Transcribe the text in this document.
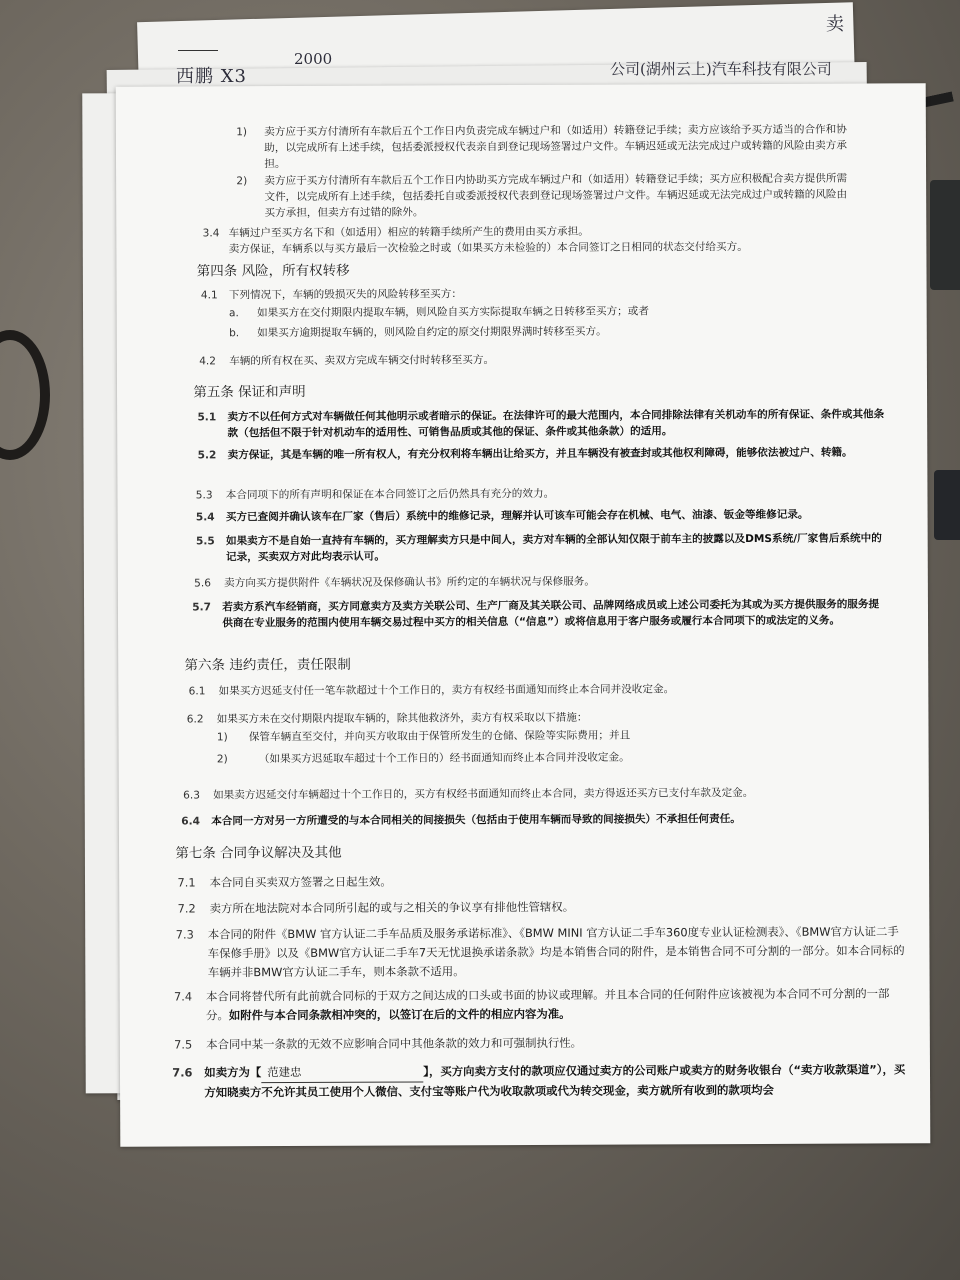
西鹏 X3
2000
公司(湖州云上)汽车科技有限公司
卖
1)	卖方应于买方付清所有车款后五个工作日内负责完成车辆过户和（如适用）转籍登记手续；卖方应该给予买方适当的合作和协助，以完成所有上述手续，包括委派授权代表亲自到登记现场签署过户文件。车辆迟延或无法完成过户或转籍的风险由卖方承担。
2)	卖方应于买方付清所有车款后五个工作日内协助买方完成车辆过户和（如适用）转籍登记手续；买方应积极配合卖方提供所需文件，以完成所有上述手续，包括委托自或委派授权代表到登记现场签署过户文件。车辆迟延或无法完成过户或转籍的风险由买方承担，但卖方有过错的除外。
3.4 车辆过户至买方名下和（如适用）相应的转籍手续所产生的费用由买方承担。
卖方保证，车辆系以与买方最后一次检验之时或（如果买方未检验的）本合同签订之日相同的状态交付给买方。
第四条 风险，所有权转移
4.1	下列情况下，车辆的毁损灭失的风险转移至买方：
a.	如果买方在交付期限内提取车辆，则风险自买方实际提取车辆之日转移至买方；或者
b.	如果买方逾期提取车辆的，则风险自约定的原交付期限界满时转移至买方。
4.2	车辆的所有权在买、卖双方完成车辆交付时转移至买方。
第五条 保证和声明
5.1	卖方不以任何方式对车辆做任何其他明示或者暗示的保证。在法律许可的最大范围内，本合同排除法律有关机动车的所有保证、条件或其他条款（包括但不限于针对机动车的适用性、可销售品质或其他的保证、条件或其他条款）的适用。
5.2	卖方保证，其是车辆的唯一所有权人，有充分权利将车辆出让给买方，并且车辆没有被查封或其他权利障碍，能够依法被过户、转籍。
5.3	本合同项下的所有声明和保证在本合同签订之后仍然具有充分的效力。
5.4	买方已查阅并确认该车在厂家（售后）系统中的维修记录，理解并认可该车可能会存在机械、电气、油漆、钣金等维修记录。
5.5	如果卖方不是自始一直持有车辆的，买方理解卖方只是中间人，卖方对车辆的全部认知仅限于前车主的披露以及DMS系统/厂家售后系统中的记录，买卖双方对此均表示认可。
5.6	卖方向买方提供附件《车辆状况及保修确认书》所约定的车辆状况与保修服务。
5.7	若卖方系汽车经销商，买方同意卖方及卖方关联公司、生产厂商及其关联公司、品牌网络成员或上述公司委托为其或为买方提供服务的服务提供商在专业服务的范围内使用车辆交易过程中买方的相关信息（“信息”）或将信息用于客户服务或履行本合同项下的或法定的义务。
第六条 违约责任，责任限制
6.1	如果买方迟延支付任一笔车款超过十个工作日的，卖方有权经书面通知而终止本合同并没收定金。
6.2	如果买方未在交付期限内提取车辆的，除其他救济外，卖方有权采取以下措施：
1)	保管车辆直至交付，并向买方收取由于保管所发生的仓储、保险等实际费用；并且
2)	（如果买方迟延取车超过十个工作日的）经书面通知而终止本合同并没收定金。
6.3	如果卖方迟延交付车辆超过十个工作日的，买方有权经书面通知而终止本合同，卖方得返还买方已支付车款及定金。
6.4	本合同一方对另一方所遭受的与本合同相关的间接损失（包括由于使用车辆而导致的间接损失）不承担任何责任。
第七条 合同争议解决及其他
7.1	本合同自买卖双方签署之日起生效。
7.2	卖方所在地法院对本合同所引起的或与之相关的争议享有排他性管辖权。
7.3	本合同的附件《BMW 官方认证二手车品质及服务承诺标准》、《BMW MINI 官方认证二手车360度专业认证检测表》、《BMW官方认证二手车保修手册》以及《BMW官方认证二手车7天无忧退换承诺条款》均是本销售合同的附件，是本销售合同不可分割的一部分。如本合同标的车辆并非BMW官方认证二手车，则本条款不适用。
7.4	本合同将替代所有此前就合同标的于双方之间达成的口头或书面的协议或理解。并且本合同的任何附件应该被视为本合同不可分割的一部分。如附件与本合同条款相冲突的，以签订在后的文件的相应内容为准。
7.5	本合同中某一条款的无效不应影响合同中其他条款的效力和可强制执行性。
7.6	如卖方为【 范建忠	】，买方向卖方支付的款项应仅通过卖方的公司账户或卖方的财务收银台（“卖方收款渠道”），买方知晓卖方不允许其员工使用个人微信、支付宝等账户代为收取款项或代为转交现金，卖方就所有收到的款项均会
